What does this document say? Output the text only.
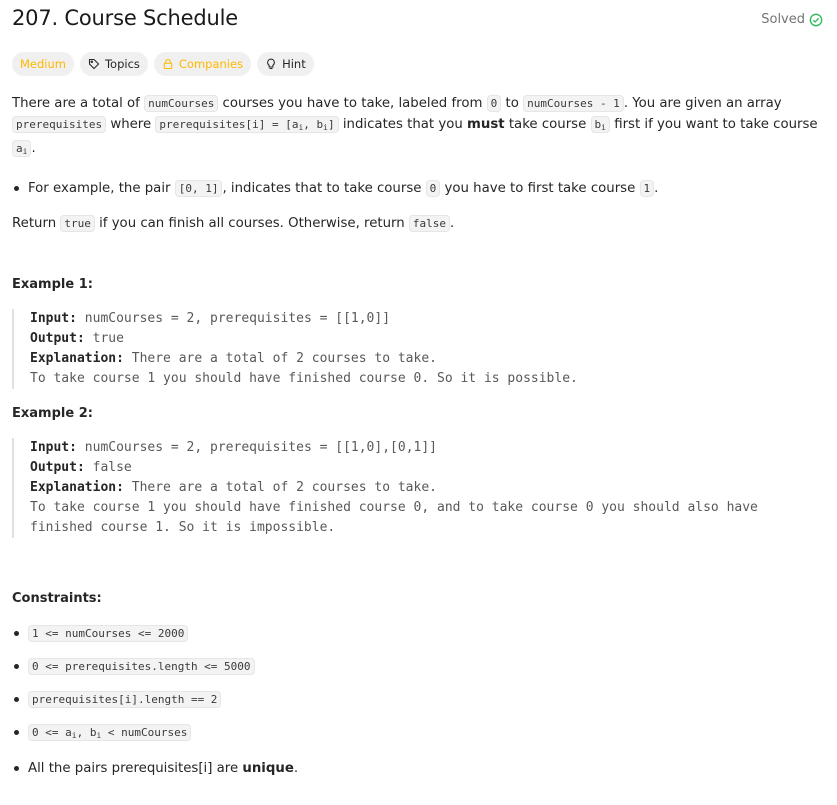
207. Course Schedule	Solved
Medium	Topics	Companies	Hint

There are a total of numCourses courses you have to take, labeled from 0 to numCourses - 1 . You are given an array prerequisites where prerequisites[i] = [$a_i$, $b_i$] indicates that you must take course $b_i$ first if you want to take course $a_i$ .

For example, the pair [0, 1] , indicates that to take course 0 you have to first take course 1 .

Return true if you can finish all courses. Otherwise, return false .

Example 1:
Input: numCourses = 2, prerequisites = [[1,0]]
Output: true
Explanation: There are a total of 2 courses to take.
To take course 1 you should have finished course 0. So it is possible.
Example 2:
Input: numCourses = 2, prerequisites = [[1,0],[0,1]]
Output: false
Explanation: There are a total of 2 courses to take.
To take course 1 you should have finished course 0, and to take course 0 you should also have
finished course 1. So it is impossible.
Constraints:
1 <= numCourses <= 2000
0 <= prerequisites.length <= 5000
prerequisites[i].length == 2
$0 <= a_i$, $b_i$ < numCourses
All the pairs prerequisites[i] are unique.
